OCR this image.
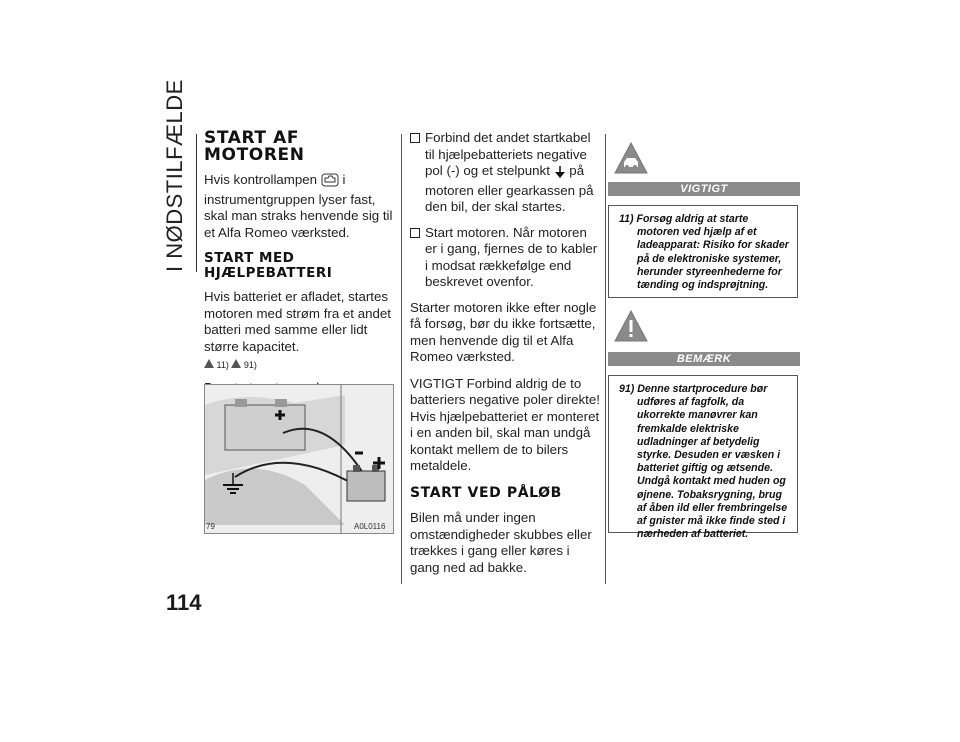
I NØDSTILFÆLDE
114
START AF MOTOREN

Hvis kontrollampen  i instrumentgruppen lyser fast, skal man straks henvende sig til et Alfa Romeo værksted.

START MED HJÆLPEBATTERI

Hvis batteriet er afladet, startes motoren med strøm fra et andet batteri med samme eller lidt større kapacitet.

11) 91)

79	A0L0116
Forbind det andet startkabel til hjælpebatteriets negative pol (-) og et stelpunkt  på motoren eller gearkassen på den bil, der skal startes.
Start motoren. Når motoren er i gang, fjernes de to kabler i modsat rækkefølge end beskrevet ovenfor.

Starter motoren ikke efter nogle få forsøg, bør du ikke fortsætte, men henvende dig til et Alfa Romeo værksted.

VIGTIGT Forbind aldrig de to batteriers negative poler direkte! Hvis hjælpebatteriet er monteret i en anden bil, skal man undgå kontakt mellem de to bilers metaldele.

START VED PÅLØB

Bilen må under ingen omstændigheder skubbes eller trækkes i gang eller køres i gang ned ad bakke.

VIGTIGT
11) Forsøg aldrig at starte motoren ved hjælp af et ladeapparat: Risiko for skader på de elektroniske systemer, herunder styreenhederne for tænding og indsprøjtning.
BEMÆRK
91) Denne startprocedure bør udføres af fagfolk, da ukorrekte manøvrer kan fremkalde elektriske udladninger af betydelig styrke. Desuden er væsken i batteriet giftig og ætsende. Undgå kontakt med huden og øjnene. Tobaksrygning, brug af åben ild eller frembringelse af gnister må ikke finde sted i nærheden af batteriet.
